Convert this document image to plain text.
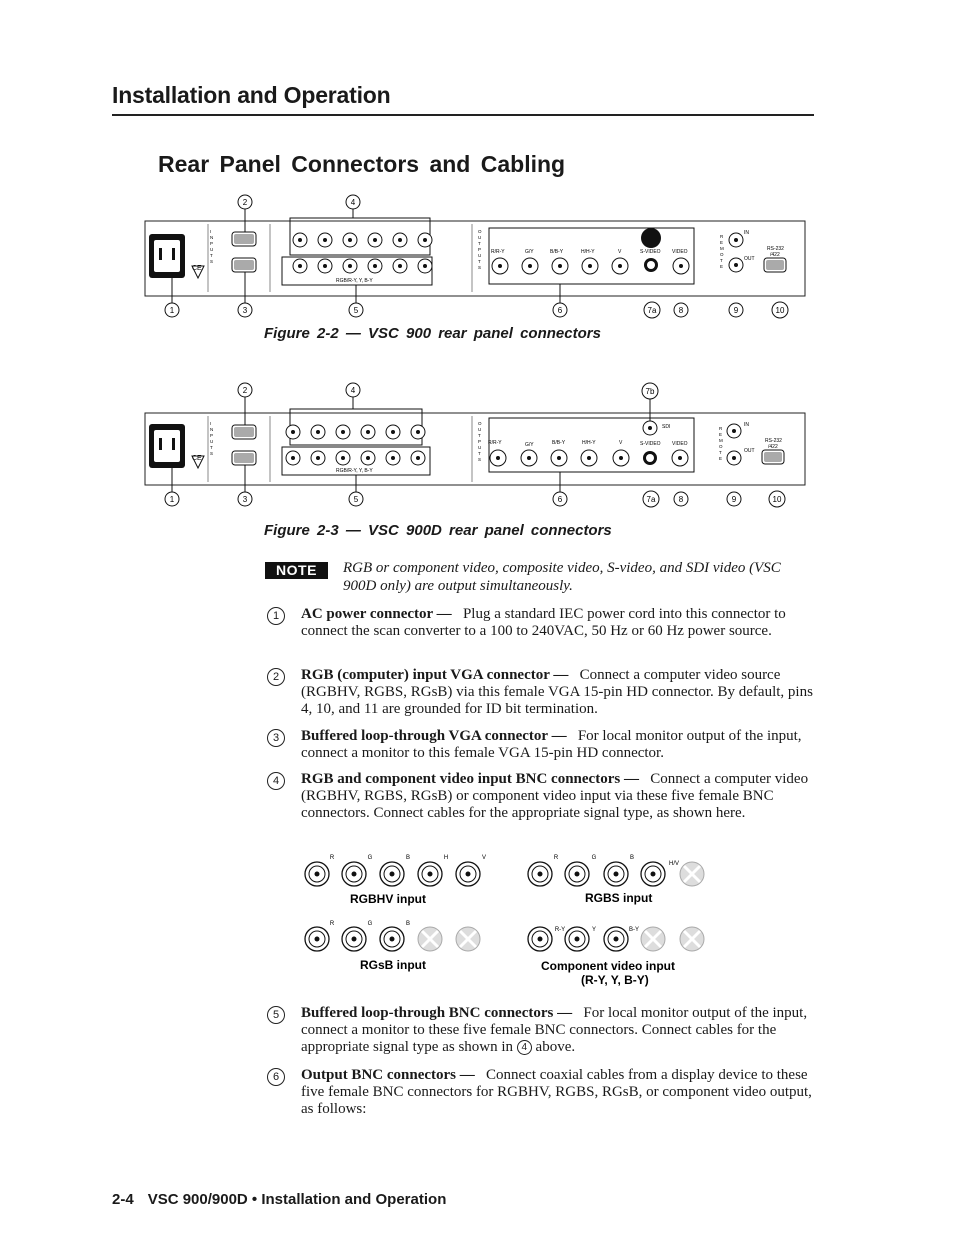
Installation and Operation
Rear Panel Connectors and Cabling
CE
I
N
P
U
T
S
RGB/R-Y, Y, B-Y
O
U
T
P
U
T
S
R/R-Y	G/Y	B/B-Y	H/H-Y	V	S-VIDEO VIDEO
R
E
M
O
T
E
IN
OUT
RS-232
/422
2	4
1	3	5	6	7a	8	9	10
Figure 2-2 — VSC 900 rear panel connectors
CE
I
N
P
U
T
S
RGB/R-Y, Y, B-Y
O
U
T
P
U
T
S
R/R-Y	G/Y	B/B-Y	H/H-Y	V
SDI
S-VIDEO VIDEO
R
E
M
O
T
E
IN
OUT
RS-232
/422
2	4	7b
1	3	5	6	7a	8	9	10
Figure 2-3 — VSC 900D rear panel connectors
NOTE	RGB or component video, composite video, S-video, and SDI video (VSC 900D only) are output simultaneously.
1	AC power connector — Plug a standard IEC power cord into this connector to connect the scan converter to a 100 to 240VAC, 50 Hz or 60 Hz power source.
2	RGB (computer) input VGA connector — Connect a computer video source (RGBHV, RGBS, RGsB) via this female VGA 15-pin HD connector. By default, pins 4, 10, and 11 are grounded for ID bit termination.
3	Buffered loop-through VGA connector — For local monitor output of the input, connect a monitor to this female VGA 15-pin HD connector.
4	RGB and component video input BNC connectors — Connect a computer video (RGBHV, RGBS, RGsB) or component video input via these five female BNC connectors. Connect cables for the appropriate signal type, as shown here.
R	G	B	H	V
RGBHV input
R	G	B
H/V
RGBS input
R	G	B
RGsB input
R-Y	Y	B-Y
Component video input
(R-Y, Y, B-Y)
5	Buffered loop-through BNC connectors — For local monitor output of the input, connect a monitor to these five female BNC connectors. Connect cables for the appropriate signal type as shown in 4 above.
6	Output BNC connectors — Connect coaxial cables from a display device to these five female BNC connectors for RGBHV, RGBS, RGsB, or component video output, as follows:
2-4 VSC 900/900D • Installation and Operation
